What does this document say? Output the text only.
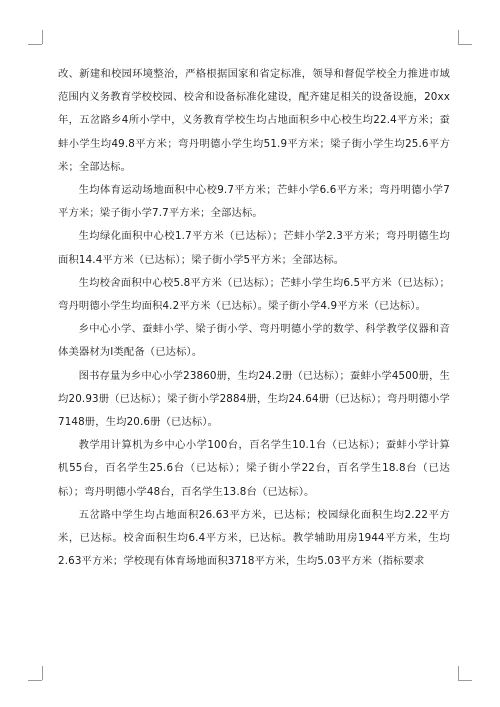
改、新建和校园环境整治，严格根据国家和省定标准，领导和督促学校全力推进市域范围内义务教育学校校园、校舍和设备标准化建设，配齐建足相关的设备设施，20xx年，五岔路乡4所小学中，义务教育学校生均占地面积乡中心校生均22.4平方米；蚕蚌小学生均49.8平方米；弯丹明德小学生均51.9平方米；梁子街小学生均25.6平方米；全部达标。

生均体育运动场地面积中心校9.7平方米；芒蚌小学6.6平方米；弯丹明德小学7平方米；梁子街小学7.7平方米；全部达标。

生均绿化面积中心校1.7平方米（已达标）；芒蚌小学2.3平方米；弯丹明德生均面积14.4平方米（已达标）；梁子街小学5平方米；全部达标。

生均校舍面积中心校5.8平方米（已达标）；芒蚌小学生均6.5平方米（已达标）；弯丹明德小学生均面积4.2平方米（已达标）。梁子街小学4.9平方米（已达标）。

乡中心小学、蚕蚌小学、梁子街小学、弯丹明德小学的数学、科学教学仪器和音体美器材为Ⅰ类配备（已达标）。

图书存量为乡中心小学23860册，生均24.2册（已达标）；蚕蚌小学4500册，生均20.93册（已达标）；梁子街小学2884册，生均24.64册（已达标）；弯丹明德小学7148册，生均20.6册（已达标）。

教学用计算机为乡中心小学100台，百名学生10.1台（已达标）；蚕蚌小学计算机55台，百名学生25.6台（已达标）；梁子街小学22台，百名学生18.8台（已达标）；弯丹明德小学48台，百名学生13.8台（已达标）。

五岔路中学生均占地面积26.63平方米，已达标；校园绿化面积生均2.22平方米，已达标。校舍面积生均6.4平方米，已达标。教学辅助用房1944平方米，生均2.63平方米；学校现有体育场地面积3718平方米，生均5.03平方米（指标要求
